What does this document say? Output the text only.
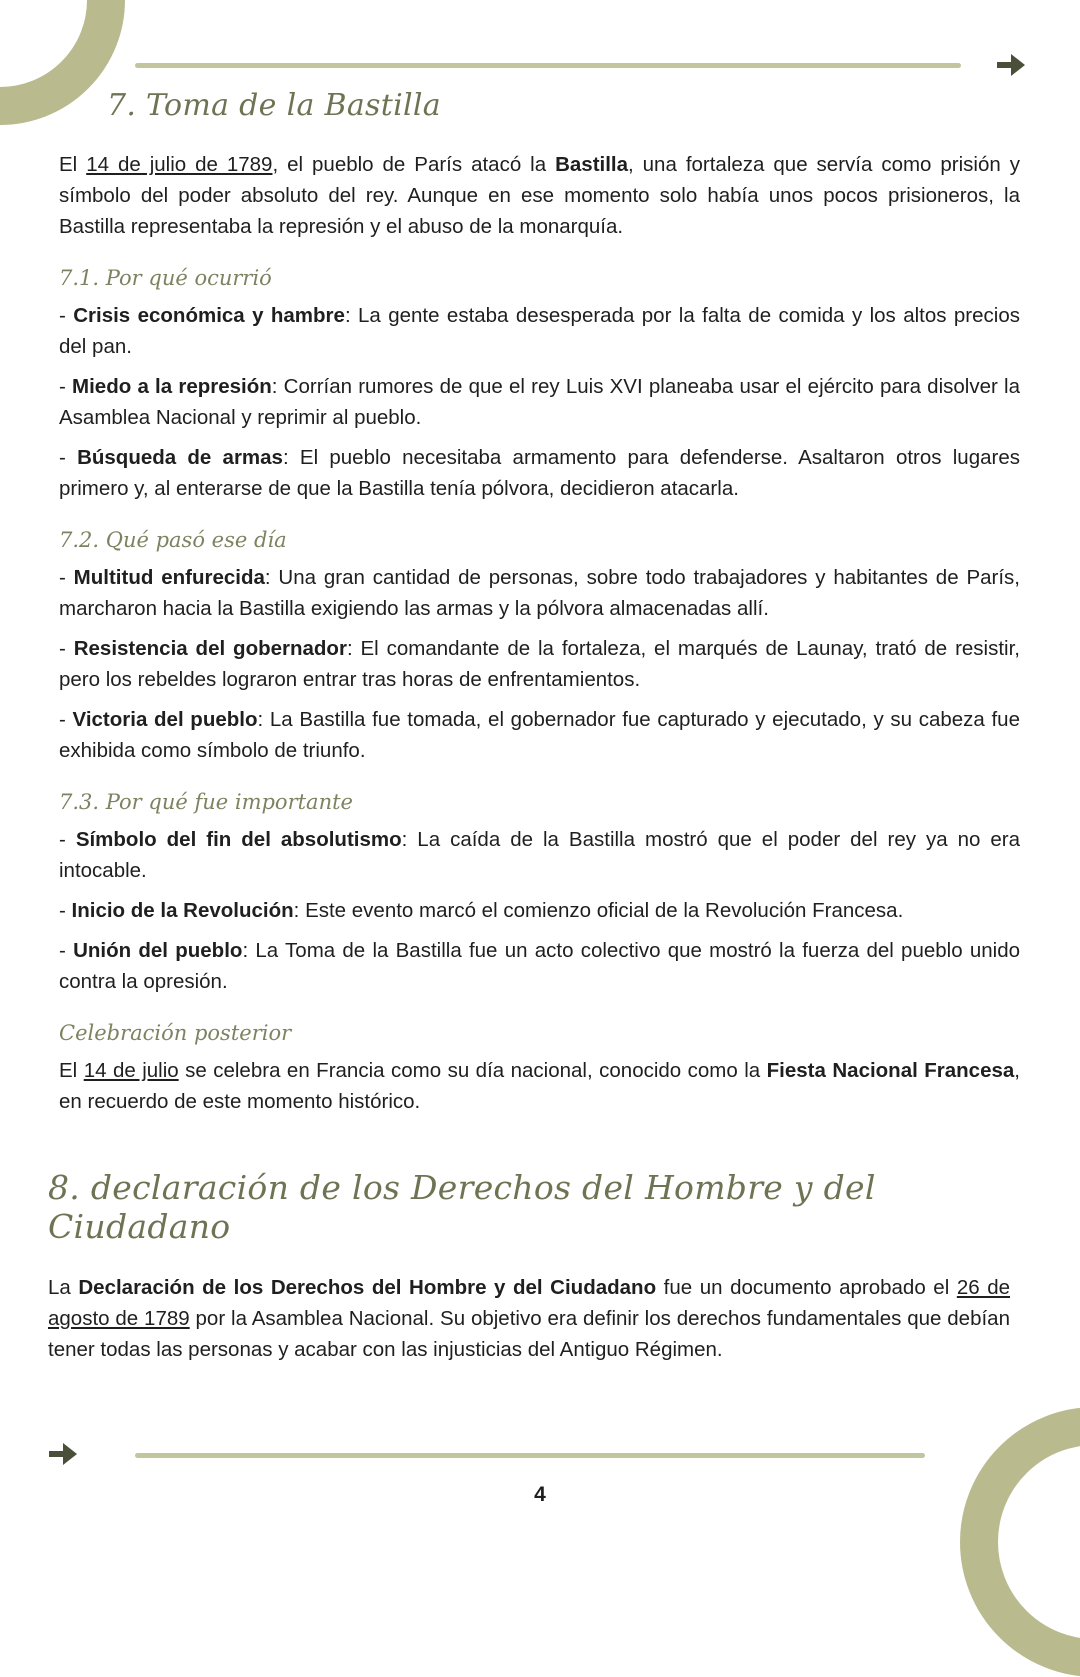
7. Toma de la Bastilla

El 14 de julio de 1789, el pueblo de París atacó la Bastilla, una fortaleza que servía como prisión y símbolo del poder absoluto del rey. Aunque en ese momento solo había unos pocos prisioneros, la Bastilla representaba la represión y el abuso de la monarquía.

7.1. Por qué ocurrió

- Crisis económica y hambre: La gente estaba desesperada por la falta de comida y los altos precios del pan.

- Miedo a la represión: Corrían rumores de que el rey Luis XVI planeaba usar el ejército para disolver la Asamblea Nacional y reprimir al pueblo.

- Búsqueda de armas: El pueblo necesitaba armamento para defenderse. Asaltaron otros lugares primero y, al enterarse de que la Bastilla tenía pólvora, decidieron atacarla.

7.2. Qué pasó ese día

- Multitud enfurecida: Una gran cantidad de personas, sobre todo trabajadores y habitantes de París, marcharon hacia la Bastilla exigiendo las armas y la pólvora almacenadas allí.

- Resistencia del gobernador: El comandante de la fortaleza, el marqués de Launay, trató de resistir, pero los rebeldes lograron entrar tras horas de enfrentamientos.

- Victoria del pueblo: La Bastilla fue tomada, el gobernador fue capturado y ejecutado, y su cabeza fue exhibida como símbolo de triunfo.

7.3. Por qué fue importante

- Símbolo del fin del absolutismo: La caída de la Bastilla mostró que el poder del rey ya no era intocable.

- Inicio de la Revolución: Este evento marcó el comienzo oficial de la Revolución Francesa.

- Unión del pueblo: La Toma de la Bastilla fue un acto colectivo que mostró la fuerza del pueblo unido contra la opresión.

Celebración posterior

El 14 de julio se celebra en Francia como su día nacional, conocido como la Fiesta Nacional Francesa, en recuerdo de este momento histórico.

8. declaración de los Derechos del Hombre y del Ciudadano

La Declaración de los Derechos del Hombre y del Ciudadano fue un documento aprobado el 26 de agosto de 1789 por la Asamblea Nacional. Su objetivo era definir los derechos fundamentales que debían tener todas las personas y acabar con las injusticias del Antiguo Régimen.

4
